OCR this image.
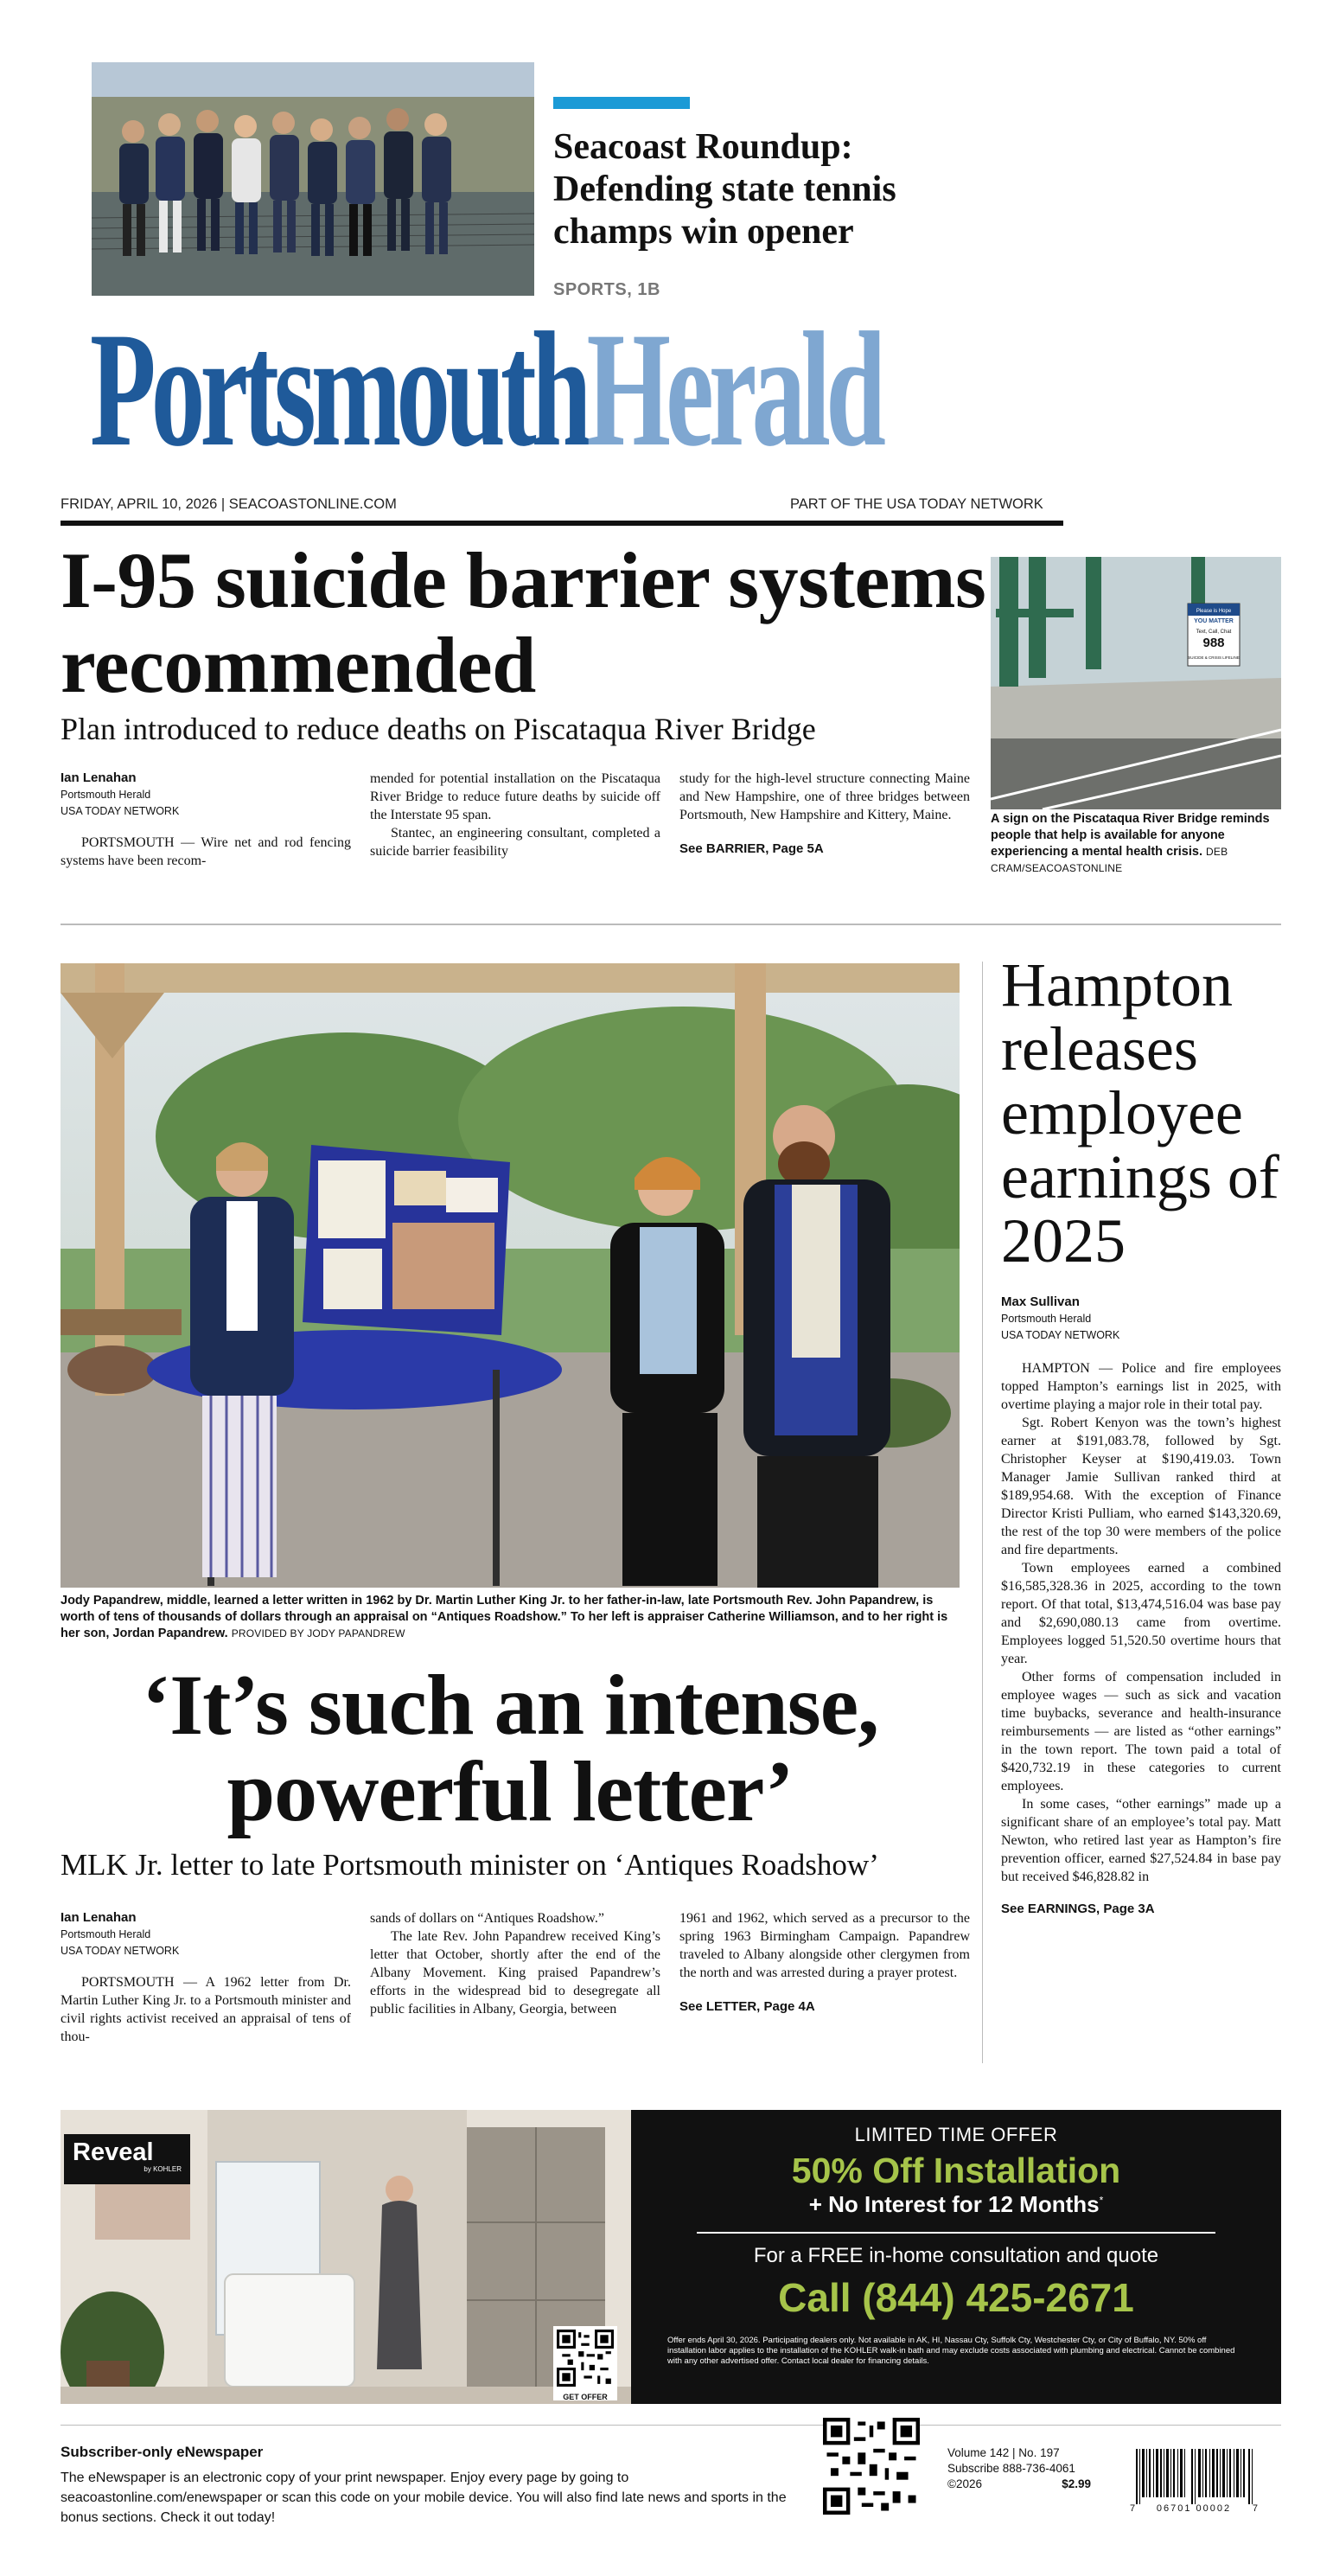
Seacoast Roundup: Defending state tennis champs win opener
SPORTS, 1B
PortsmouthHerald
FRIDAY, APRIL 10, 2026 | SEACOASTONLINE.COM	PART OF THE USA TODAY NETWORK
I-95 suicide barrier systems recommended
Plan introduced to reduce deaths on Piscataqua River Bridge
Ian Lenahan
Portsmouth Herald
USA TODAY NETWORK

PORTSMOUTH — Wire net and rod fencing systems have been recom-

mended for potential installation on the Piscataqua River Bridge to reduce future deaths by suicide off the Interstate 95 span.

Stantec, an engineering consultant, completed a suicide barrier feasibility

study for the high-level structure connecting Maine and New Hampshire, one of three bridges between Portsmouth, New Hampshire and Kittery, Maine.

See BARRIER, Page 5A
Please is Hope
YOU MATTER
Text, Call, Chat
988
SUICIDE & CRISIS LIFELINE
A sign on the Piscataqua River Bridge reminds people that help is available for anyone experiencing a mental health crisis. DEB CRAM/SEACOASTONLINE
Jody Papandrew, middle, learned a letter written in 1962 by Dr. Martin Luther King Jr. to her father-in-law, late Portsmouth Rev. John Papandrew, is worth of tens of thousands of dollars through an appraisal on “Antiques Roadshow.” To her left is appraiser Catherine Williamson, and to her right is her son, Jordan Papandrew. PROVIDED BY JODY PAPANDREW
‘It’s such an intense,
powerful letter’
MLK Jr. letter to late Portsmouth minister on ‘Antiques Roadshow’
Ian Lenahan
Portsmouth Herald
USA TODAY NETWORK

PORTSMOUTH — A 1962 letter from Dr. Martin Luther King Jr. to a Portsmouth minister and civil rights activist received an appraisal of tens of thou-

sands of dollars on “Antiques Roadshow.”

The late Rev. John Papandrew received King’s letter that October, shortly after the end of the Albany Movement. King praised Papandrew’s efforts in the widespread bid to desegregate all public facilities in Albany, Georgia, between

1961 and 1962, which served as a precursor to the spring 1963 Birmingham Campaign. Papandrew traveled to Albany alongside other clergymen from the north and was arrested during a prayer protest.

See LETTER, Page 4A
Hampton releases employee earnings of 2025
Max Sullivan
Portsmouth Herald
USA TODAY NETWORK

HAMPTON — Police and fire employees topped Hampton’s earnings list in 2025, with overtime playing a major role in their total pay.

Sgt. Robert Kenyon was the town’s highest earner at $191,083.78, followed by Sgt. Christopher Keyser at $190,419.03. Town Manager Jamie Sullivan ranked third at $189,954.68. With the exception of Finance Director Kristi Pulliam, who earned $143,320.69, the rest of the top 30 were members of the police and fire departments.

Town employees earned a combined $16,585,328.36 in 2025, according to the town report. Of that total, $13,474,516.04 was base pay and $2,690,080.13 came from overtime. Employees logged 51,520.50 overtime hours that year.

Other forms of compensation included in employee wages — such as sick and vacation time buybacks, severance and health-insurance reimbursements — are listed as “other earnings” in the town report. The town paid a total of $420,732.19 in these categories to current employees.

In some cases, “other earnings” made up a significant share of an employee’s total pay. Matt Newton, who retired last year as Hampton’s fire prevention officer, earned $27,524.84 in base pay but received $46,828.82 in

See EARNINGS, Page 3A
Reveal
by KOHLER
GET OFFER
LIMITED TIME OFFER
50% Off Installation
+ No Interest for 12 Months*
For a FREE in-home consultation and quote
Call (844) 425-2671
Offer ends April 30, 2026. Participating dealers only. Not available in AK, HI, Nassau Cty, Suffolk Cty, Westchester Cty, or City of Buffalo, NY. 50% off installation labor applies to the installation of the KOHLER walk-in bath and may exclude costs associated with plumbing and electrical. Cannot be combined with any other advertised offer. Contact local dealer for financing details.
Subscriber-only eNewspaper
The eNewspaper is an electronic copy of your print newspaper. Enjoy every page by going to seacoastonline.com/enewspaper or scan this code on your mobile device. You will also find late news and sports in the bonus sections. Check it out today!
Volume 142 | No. 197
Subscribe 888-736-4061
©2026	$2.99
7 06701 00002 7
